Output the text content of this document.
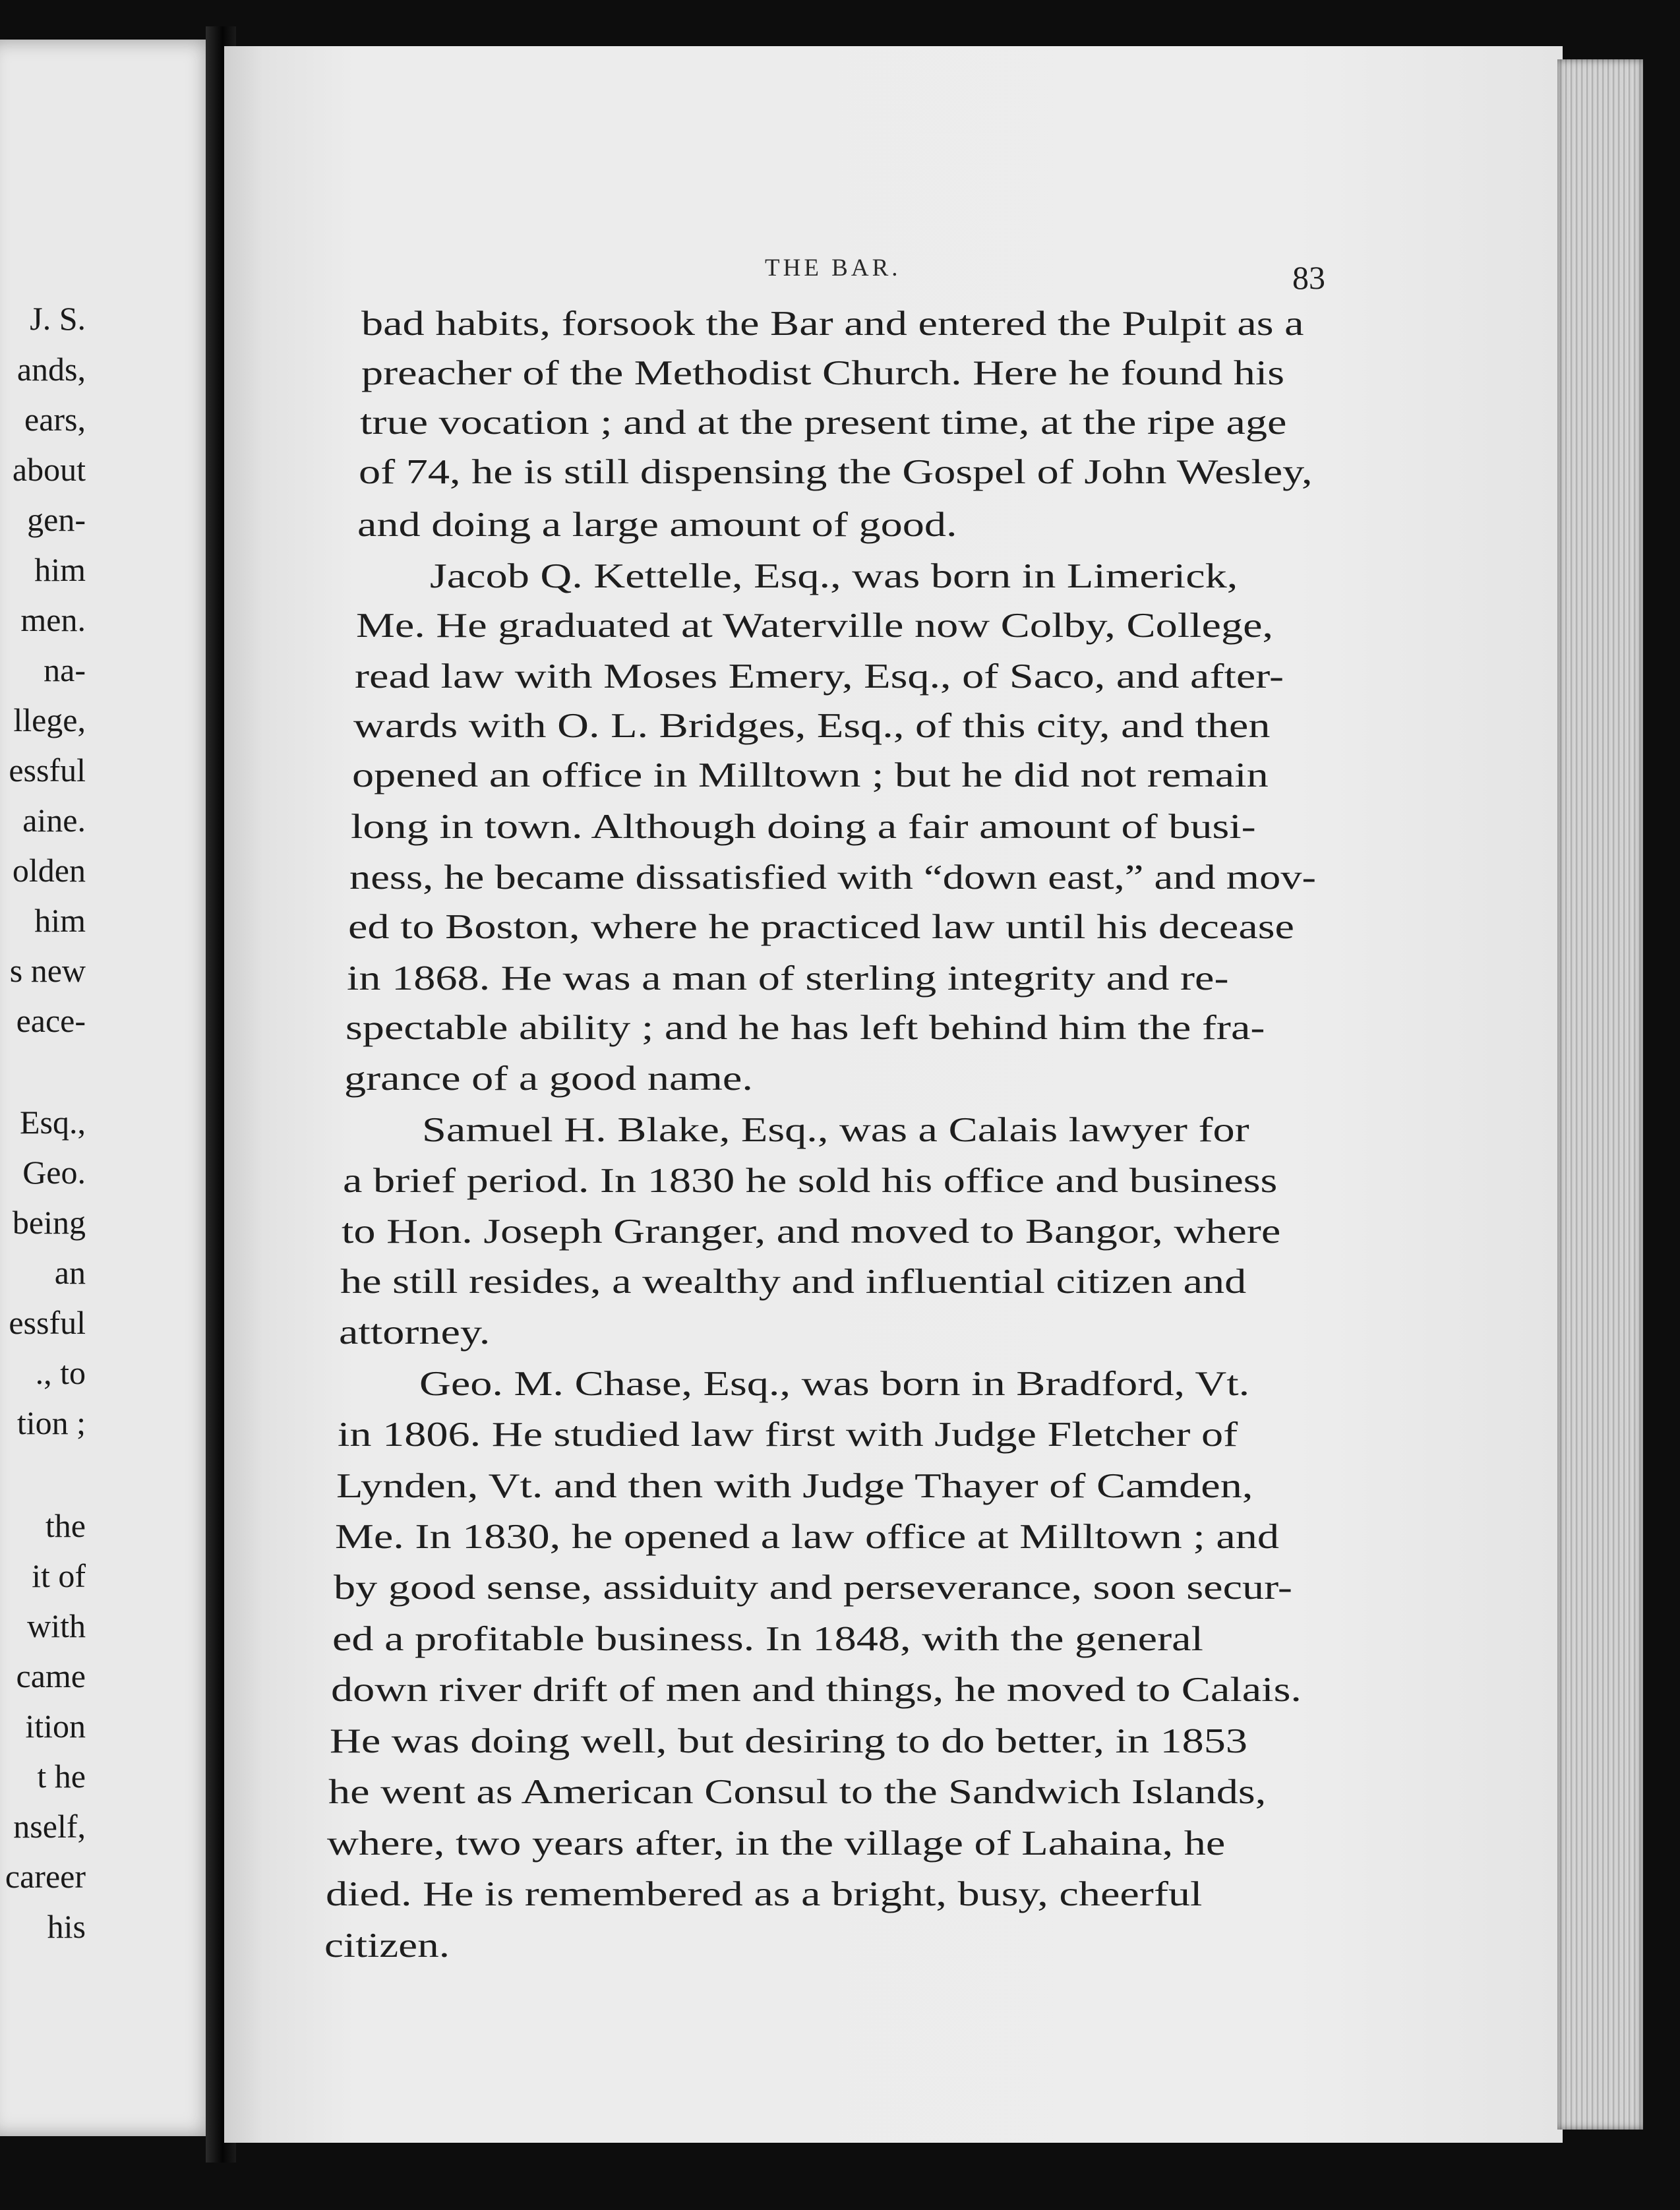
J. S.
ands,
ears,
about
gen-
him
men.
na-
llege,
essful
aine.
olden
him
s new
eace-
Esq.,
Geo.
being
an
essful
., to
tion ;
the
it of
with
came
ition
t he
nself,
career
his
THE BAR.	83
bad habits, forsook the Bar and entered the Pulpit as a
preacher of the Methodist Church. Here he found his
true vocation ; and at the present time, at the ripe age
of 74, he is still dispensing the Gospel of John Wesley,
and doing a large amount of good.
Jacob Q. Kettelle, Esq., was born in Limerick,
Me. He graduated at Waterville now Colby, College,
read law with Moses Emery, Esq., of Saco, and after-
wards with O. L. Bridges, Esq., of this city, and then
opened an office in Milltown ; but he did not remain
long in town. Although doing a fair amount of busi-
ness, he became dissatisfied with “down east,” and mov-
ed to Boston, where he practiced law until his decease
in 1868. He was a man of sterling integrity and re-
spectable ability ; and he has left behind him the fra-
grance of a good name.
Samuel H. Blake, Esq., was a Calais lawyer for
a brief period. In 1830 he sold his office and business
to Hon. Joseph Granger, and moved to Bangor, where
he still resides, a wealthy and influential citizen and
attorney.
Geo. M. Chase, Esq., was born in Bradford, Vt.
in 1806. He studied law first with Judge Fletcher of
Lynden, Vt. and then with Judge Thayer of Camden,
Me. In 1830, he opened a law office at Milltown ; and
by good sense, assiduity and perseverance, soon secur-
ed a profitable business. In 1848, with the general
down river drift of men and things, he moved to Calais.
He was doing well, but desiring to do better, in 1853
he went as American Consul to the Sandwich Islands,
where, two years after, in the village of Lahaina, he
died. He is remembered as a bright, busy, cheerful
citizen.
